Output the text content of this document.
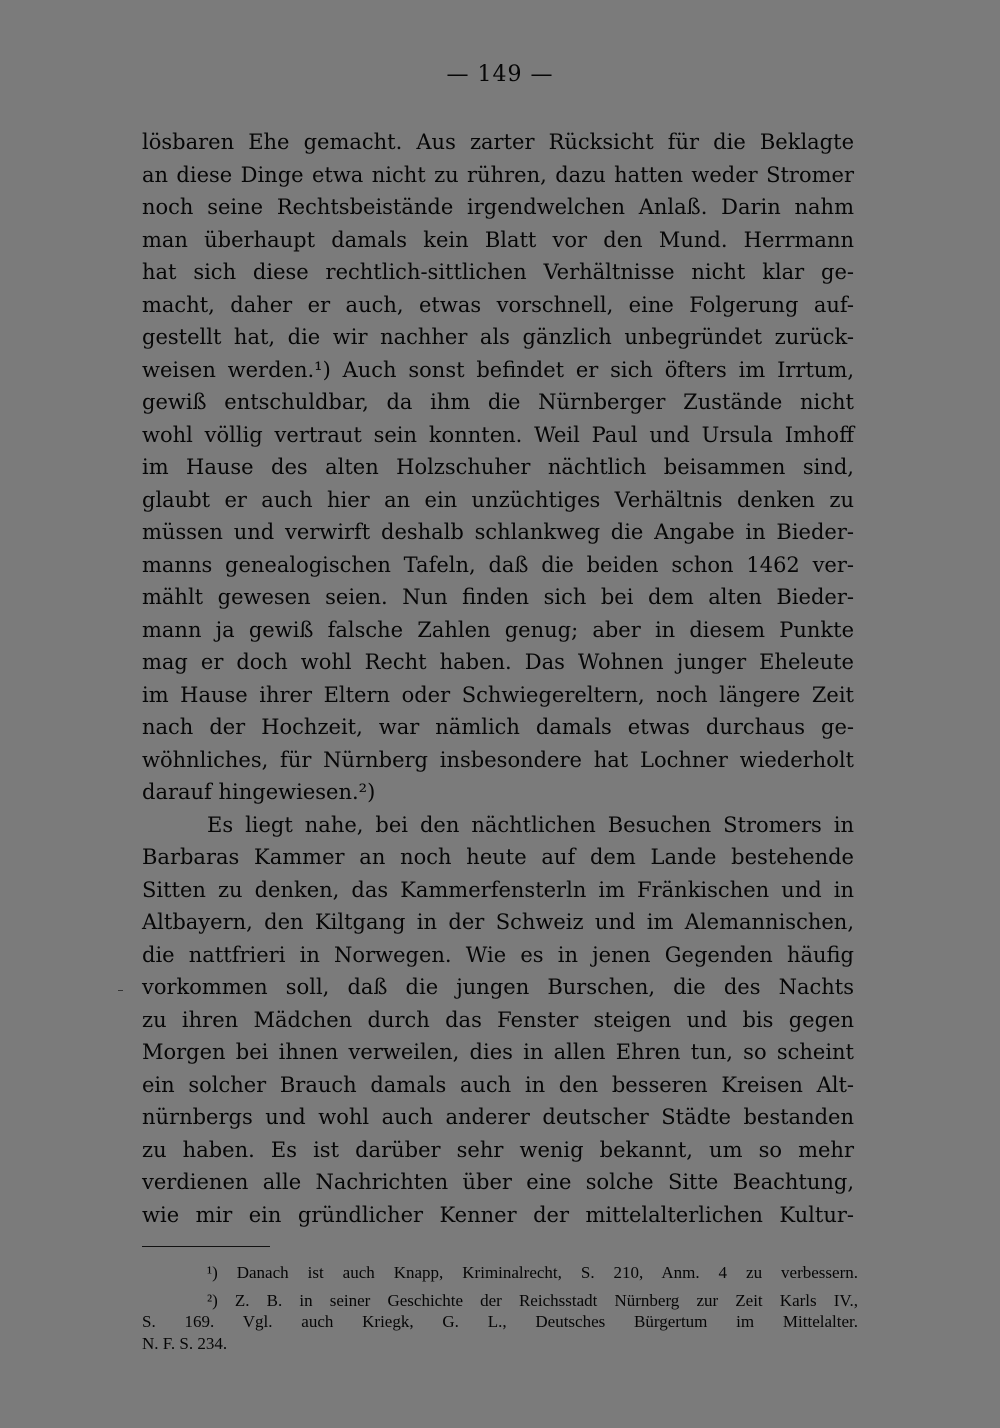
— 149 —
lösbaren Ehe gemacht. Aus zarter Rücksicht für die Beklagte
an diese Dinge etwa nicht zu rühren, dazu hatten weder Stromer
noch seine Rechtsbeistände irgendwelchen Anlaß. Darin nahm
man überhaupt damals kein Blatt vor den Mund. Herrmann
hat sich diese rechtlich-sittlichen Verhältnisse nicht klar ge-
macht, daher er auch, etwas vorschnell, eine Folgerung auf-
gestellt hat, die wir nachher als gänzlich unbegründet zurück-
weisen werden.¹) Auch sonst befindet er sich öfters im Irrtum,
gewiß entschuldbar, da ihm die Nürnberger Zustände nicht
wohl völlig vertraut sein konnten. Weil Paul und Ursula Imhoff
im Hause des alten Holzschuher nächtlich beisammen sind,
glaubt er auch hier an ein unzüchtiges Verhältnis denken zu
müssen und verwirft deshalb schlankweg die Angabe in Bieder-
manns genealogischen Tafeln, daß die beiden schon 1462 ver-
mählt gewesen seien. Nun finden sich bei dem alten Bieder-
mann ja gewiß falsche Zahlen genug; aber in diesem Punkte
mag er doch wohl Recht haben. Das Wohnen junger Eheleute
im Hause ihrer Eltern oder Schwiegereltern, noch längere Zeit
nach der Hochzeit, war nämlich damals etwas durchaus ge-
wöhnliches, für Nürnberg insbesondere hat Lochner wiederholt
darauf hingewiesen.²)
Es liegt nahe, bei den nächtlichen Besuchen Stromers in
Barbaras Kammer an noch heute auf dem Lande bestehende
Sitten zu denken, das Kammerfensterln im Fränkischen und in
Altbayern, den Kiltgang in der Schweiz und im Alemannischen,
die nattfrieri in Norwegen. Wie es in jenen Gegenden häufig
vorkommen soll, daß die jungen Burschen, die des Nachts
zu ihren Mädchen durch das Fenster steigen und bis gegen
Morgen bei ihnen verweilen, dies in allen Ehren tun, so scheint
ein solcher Brauch damals auch in den besseren Kreisen Alt-
nürnbergs und wohl auch anderer deutscher Städte bestanden
zu haben. Es ist darüber sehr wenig bekannt, um so mehr
verdienen alle Nachrichten über eine solche Sitte Beachtung,
wie mir ein gründlicher Kenner der mittelalterlichen Kultur-
¹) Danach ist auch Knapp, Kriminalrecht, S. 210, Anm. 4 zu verbessern.
²) Z. B. in seiner Geschichte der Reichsstadt Nürnberg zur Zeit Karls IV.,
S. 169. Vgl. auch Kriegk, G. L., Deutsches Bürgertum im Mittelalter.
N. F. S. 234.
